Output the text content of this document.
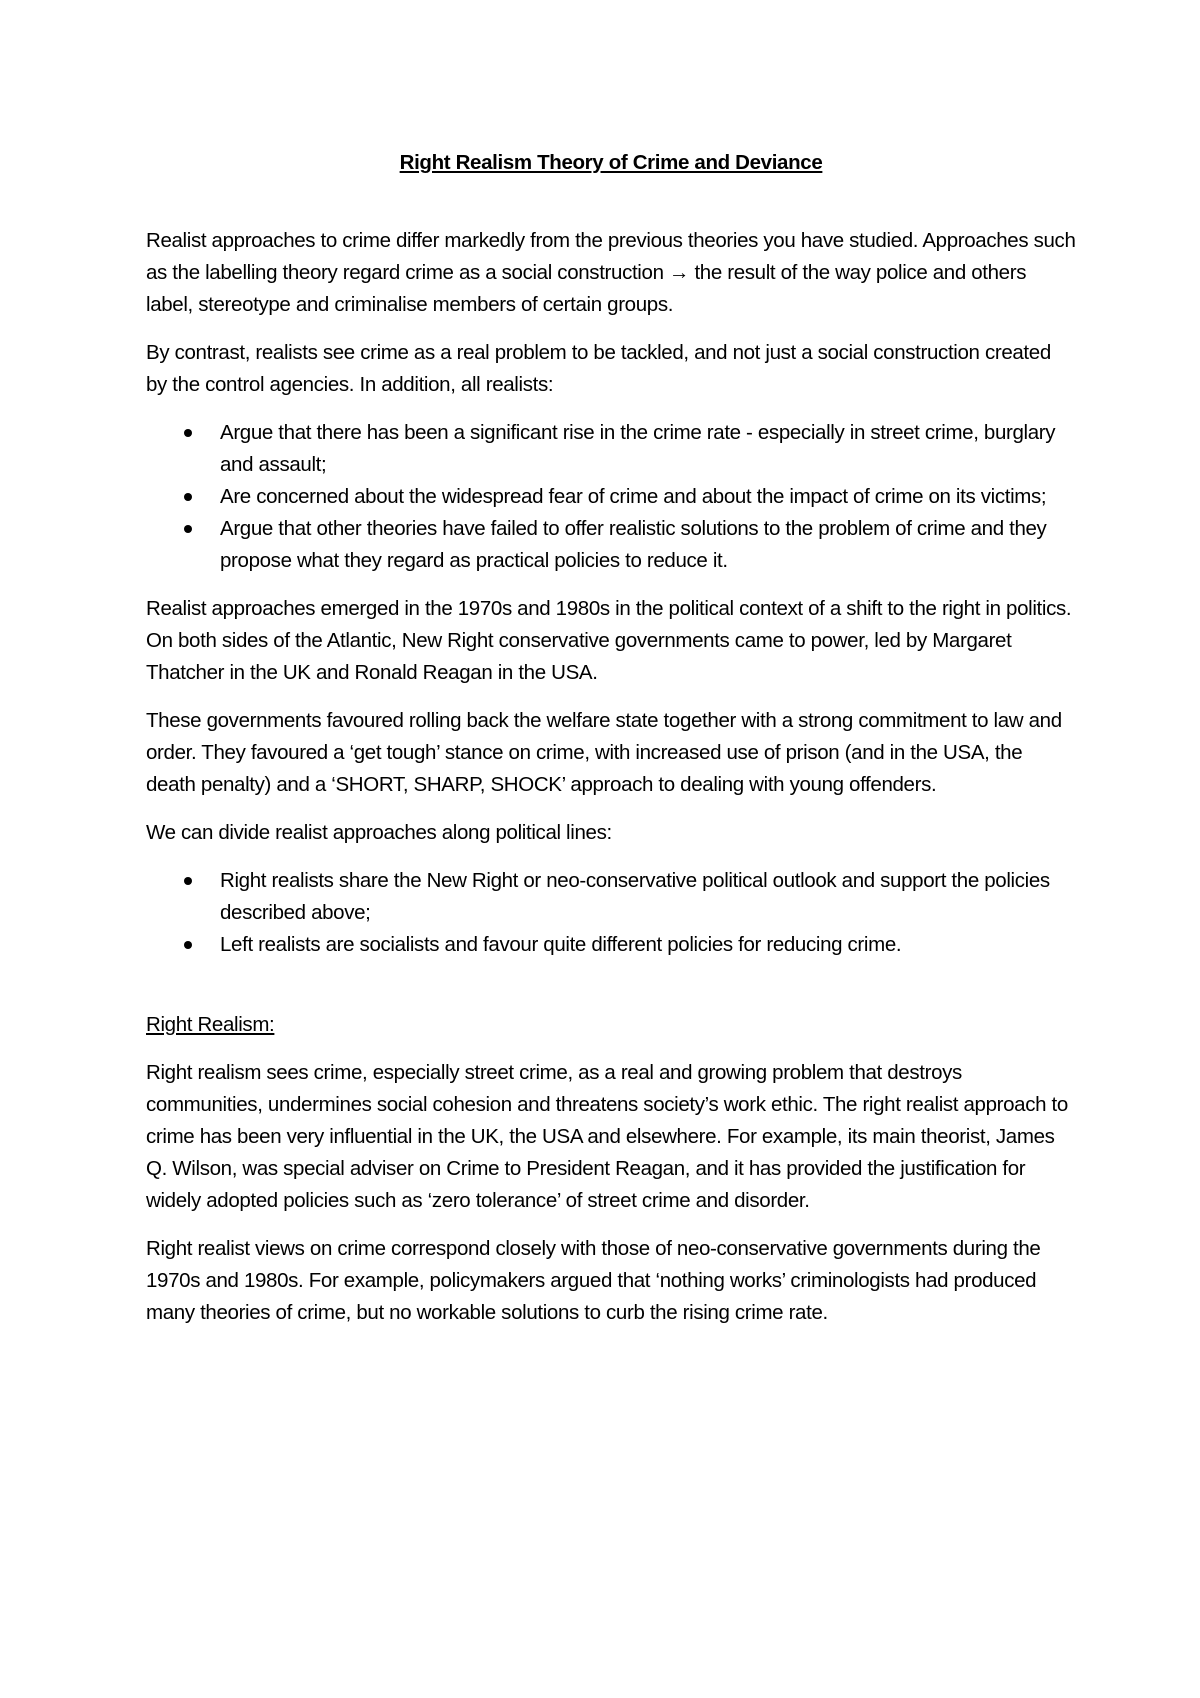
Right Realism Theory of Crime and Deviance

Realist approaches to crime differ markedly from the previous theories you have studied. Approaches such as the labelling theory regard crime as a social construction → the result of the way police and others label, stereotype and criminalise members of certain groups.

By contrast, realists see crime as a real problem to be tackled, and not just a social construction created by the control agencies. In addition, all realists:

Argue that there has been a significant rise in the crime rate - especially in street crime, burglary and assault;
Are concerned about the widespread fear of crime and about the impact of crime on its victims;
Argue that other theories have failed to offer realistic solutions to the problem of crime and they propose what they regard as practical policies to reduce it.

Realist approaches emerged in the 1970s and 1980s in the political context of a shift to the right in politics. On both sides of the Atlantic, New Right conservative governments came to power, led by Margaret Thatcher in the UK and Ronald Reagan in the USA.

These governments favoured rolling back the welfare state together with a strong commitment to law and order. They favoured a ‘get tough’ stance on crime, with increased use of prison (and in the USA, the death penalty) and a ‘SHORT, SHARP, SHOCK’ approach to dealing with young offenders.

We can divide realist approaches along political lines:

Right realists share the New Right or neo-conservative political outlook and support the policies described above;
Left realists are socialists and favour quite different policies for reducing crime.
Right Realism:

Right realism sees crime, especially street crime, as a real and growing problem that destroys communities, undermines social cohesion and threatens society’s work ethic. The right realist approach to crime has been very influential in the UK, the USA and elsewhere. For example, its main theorist, James Q. Wilson, was special adviser on Crime to President Reagan, and it has provided the justification for widely adopted policies such as ‘zero tolerance’ of street crime and disorder.

Right realist views on crime correspond closely with those of neo-conservative governments during the 1970s and 1980s. For example, policymakers argued that ‘nothing works’ criminologists had produced many theories of crime, but no workable solutions to curb the rising crime rate.
